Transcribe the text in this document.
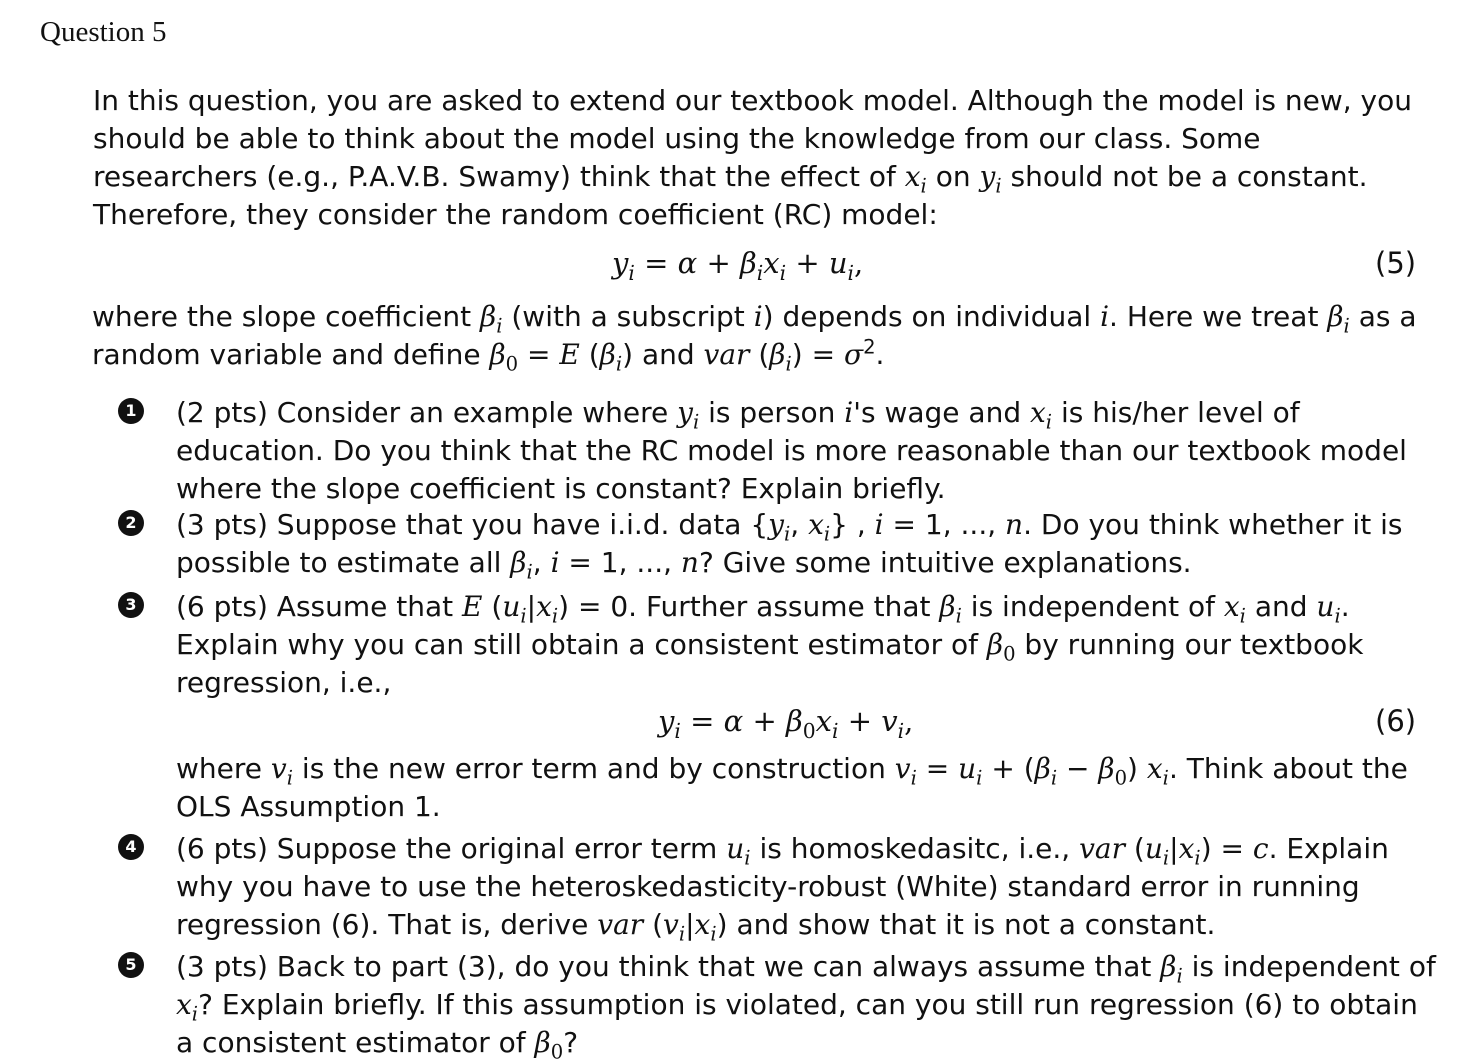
Question 5
In this question, you are asked to extend our textbook model. Although the model is new, you should be able to think about the model using the knowledge from our class. Some researchers (e.g., P.A.V.B. Swamy) think that the effect of $x_i$ on $y_i$ should not be a constant. Therefore, they consider the random coefficient (RC) model:
$y_i = \alpha + \beta_ix_i + u_i$,	(5)
where the slope coefficient $\beta_i$ (with a subscript i) depends on individual i. Here we treat $\beta_i$ as a random variable and define $\beta_0 = E$ $(\beta_i)$ and var $(\beta_i) = \sigma^2$.
1 (2 pts) Consider an example where $y_i$ is person i's wage and $x_i$ is his/her level of education. Do you think that the RC model is more reasonable than our textbook model where the slope coefficient is constant? Explain briefly.
2 (3 pts) Suppose that you have i.i.d. data {$y_i$, $x_i$} , i = 1, ..., n. Do you think whether it is possible to estimate all $\beta_i$, i = 1, ..., n? Give some intuitive explanations.
3 (6 pts) Assume that E $(u_i|x_i) = 0$. Further assume that $\beta_i$ is independent of $x_i$ and $u_i$. Explain why you can still obtain a consistent estimator of $\beta_0$ by running our textbook regression, i.e.,
$y_i = \alpha + \beta_0x_i + v_i$,	(6)
where $v_i$ is the new error term and by construction $v_i = u_i + (\beta_i - \beta_0)$ $x_i$. Think about the OLS Assumption 1.
4 (6 pts) Suppose the original error term $u_i$ is homoskedasitc, i.e., var $(u_i|x_i) = c$. Explain why you have to use the heteroskedasticity-robust (White) standard error in running regression (6). That is, derive var $(v_i|x_i)$ and show that it is not a constant.
5 (3 pts) Back to part (3), do you think that we can always assume that $\beta_i$ is independent of $x_i$? Explain briefly. If this assumption is violated, can you still run regression (6) to obtain a consistent estimator of $\beta_0$?
